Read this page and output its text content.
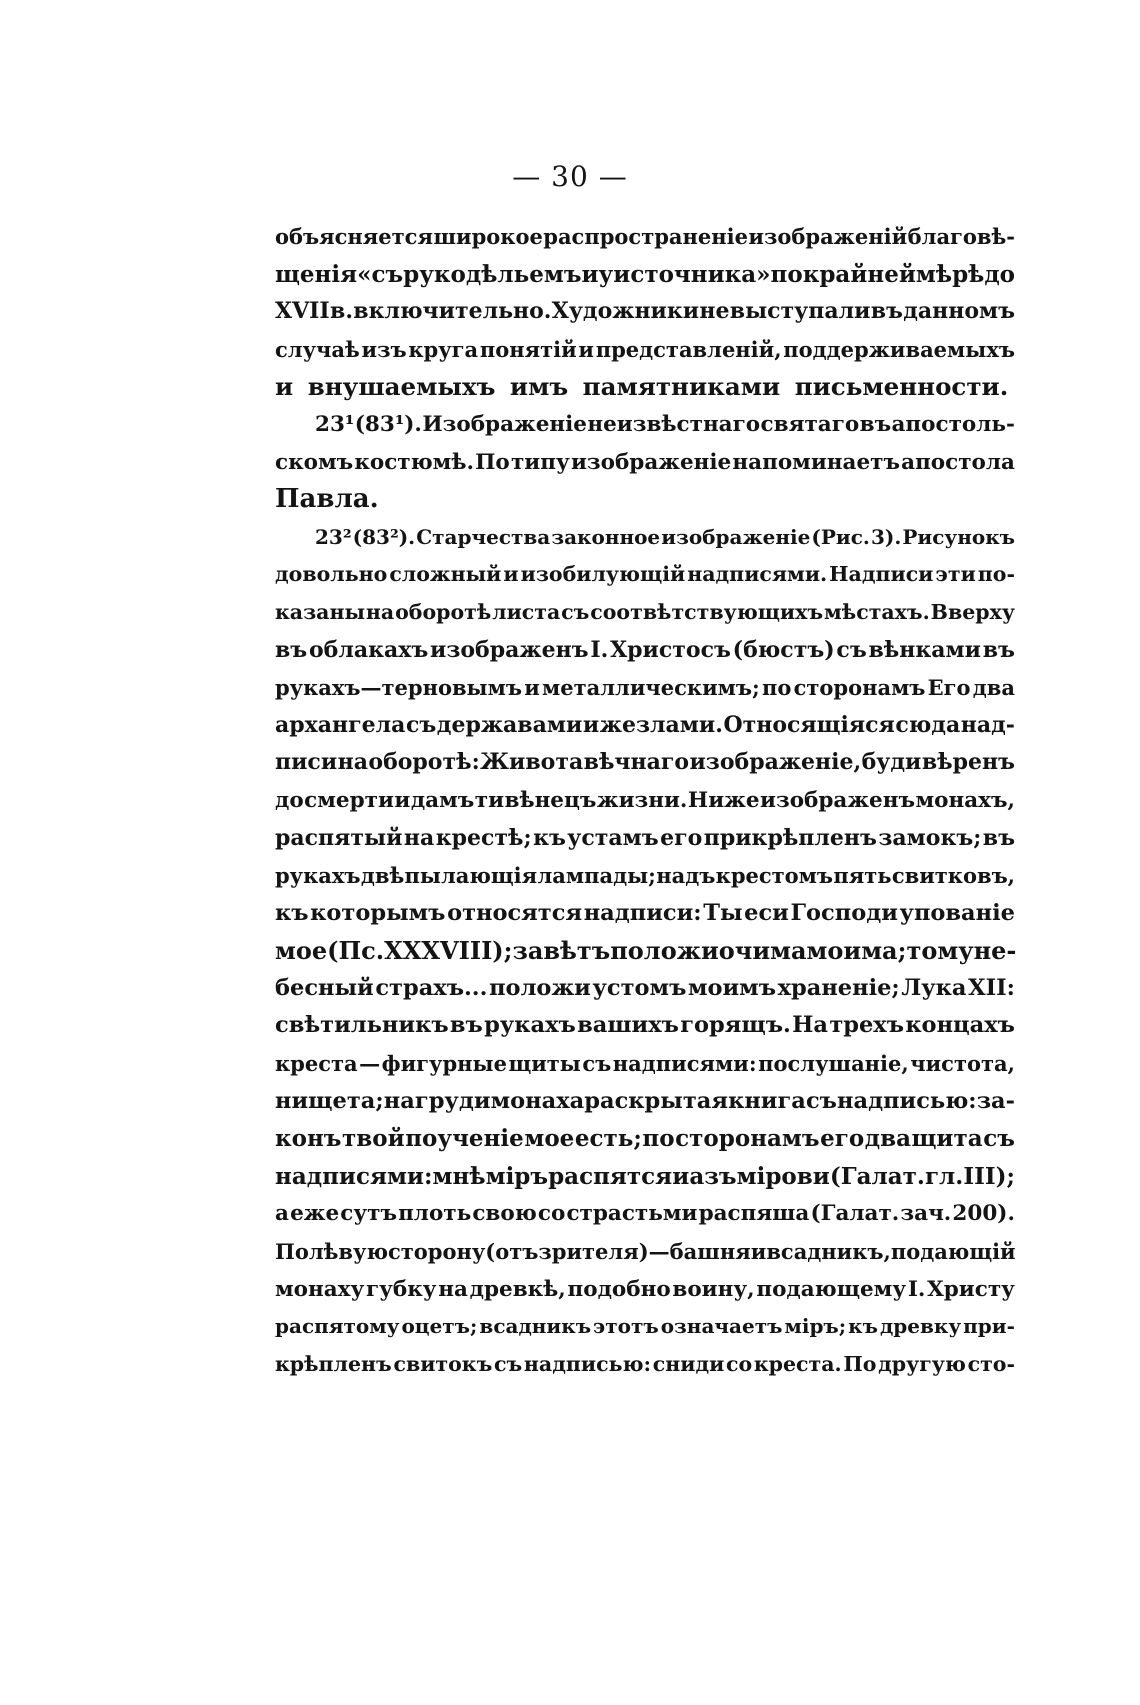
— 30 —
объясняется широкое распространеніе изображеній благовѣ-
щенія «съ рукодѣльемъ и у источника» по крайней мѣрѣ до
XVII в. включительно. Художники не выступали въ данномъ
случаѣ изъ круга понятій и представленій, поддерживаемыхъ
и внушаемыхъ имъ памятниками письменности.
23¹ (83¹). Изображеніе неизвѣстнаго святаго въ апостоль-
скомъ костюмѣ. По типу изображеніе напоминаетъ апостола
Павла.
23² (83²). Старчества законное изображеніе (Рис. 3). Рисунокъ
довольно сложный и изобилующій надписями. Надписи эти по-
казаны на оборотѣ листа съ соотвѣтствующихъ мѣстахъ. Вверху
въ облакахъ изображенъ І. Христосъ (бюстъ) съ вѣнками въ
рукахъ—терновымъ и металлическимъ; по сторонамъ Его два
архангела съ державами и жезлами. Относящіяся сюда над-
писи на оборотѣ: Живота вѣчнаго изображеніе, буди вѣренъ
до смерти и дамъ ти вѣнецъ жизни. Ниже изображенъ монахъ,
распятый на крестѣ; къ устамъ его прикрѣпленъ замокъ; въ
рукахъ двѣ пылающія лампады; надъ крестомъ пять свитковъ,
къ которымъ относятся надписи: Ты еси Господи упованіе
мое (Пс. XXXVIII); завѣтъ положи очима моима; тому не-
бесный страхъ... положи устомъ моимъ храненіе; Лука XII:
свѣтильникъ въ рукахъ вашихъ горящъ. На трехъ концахъ
креста — фигурные щиты съ надписями: послушаніе, чистота,
нищета; на груди монаха раскрытая книга съ надписью: за-
конъ твой поученіе мое есть; по сторонамъ его два щита съ
надписями: мнѣ міръ распятся и азъ мірови (Галат. гл. III);
а еже сутъ плоть свою со страстьми распяша (Галат. зач. 200).
По лѣвую сторону (отъ зрителя)—башня и всадникъ, подающій
монаху губку на древкѣ, подобно воину, подающему І. Христу
распятому оцетъ; всадникъ этотъ означаетъ міръ; къ древку при-
крѣпленъ свитокъ съ надписью: сниди со креста. По другую сто-
